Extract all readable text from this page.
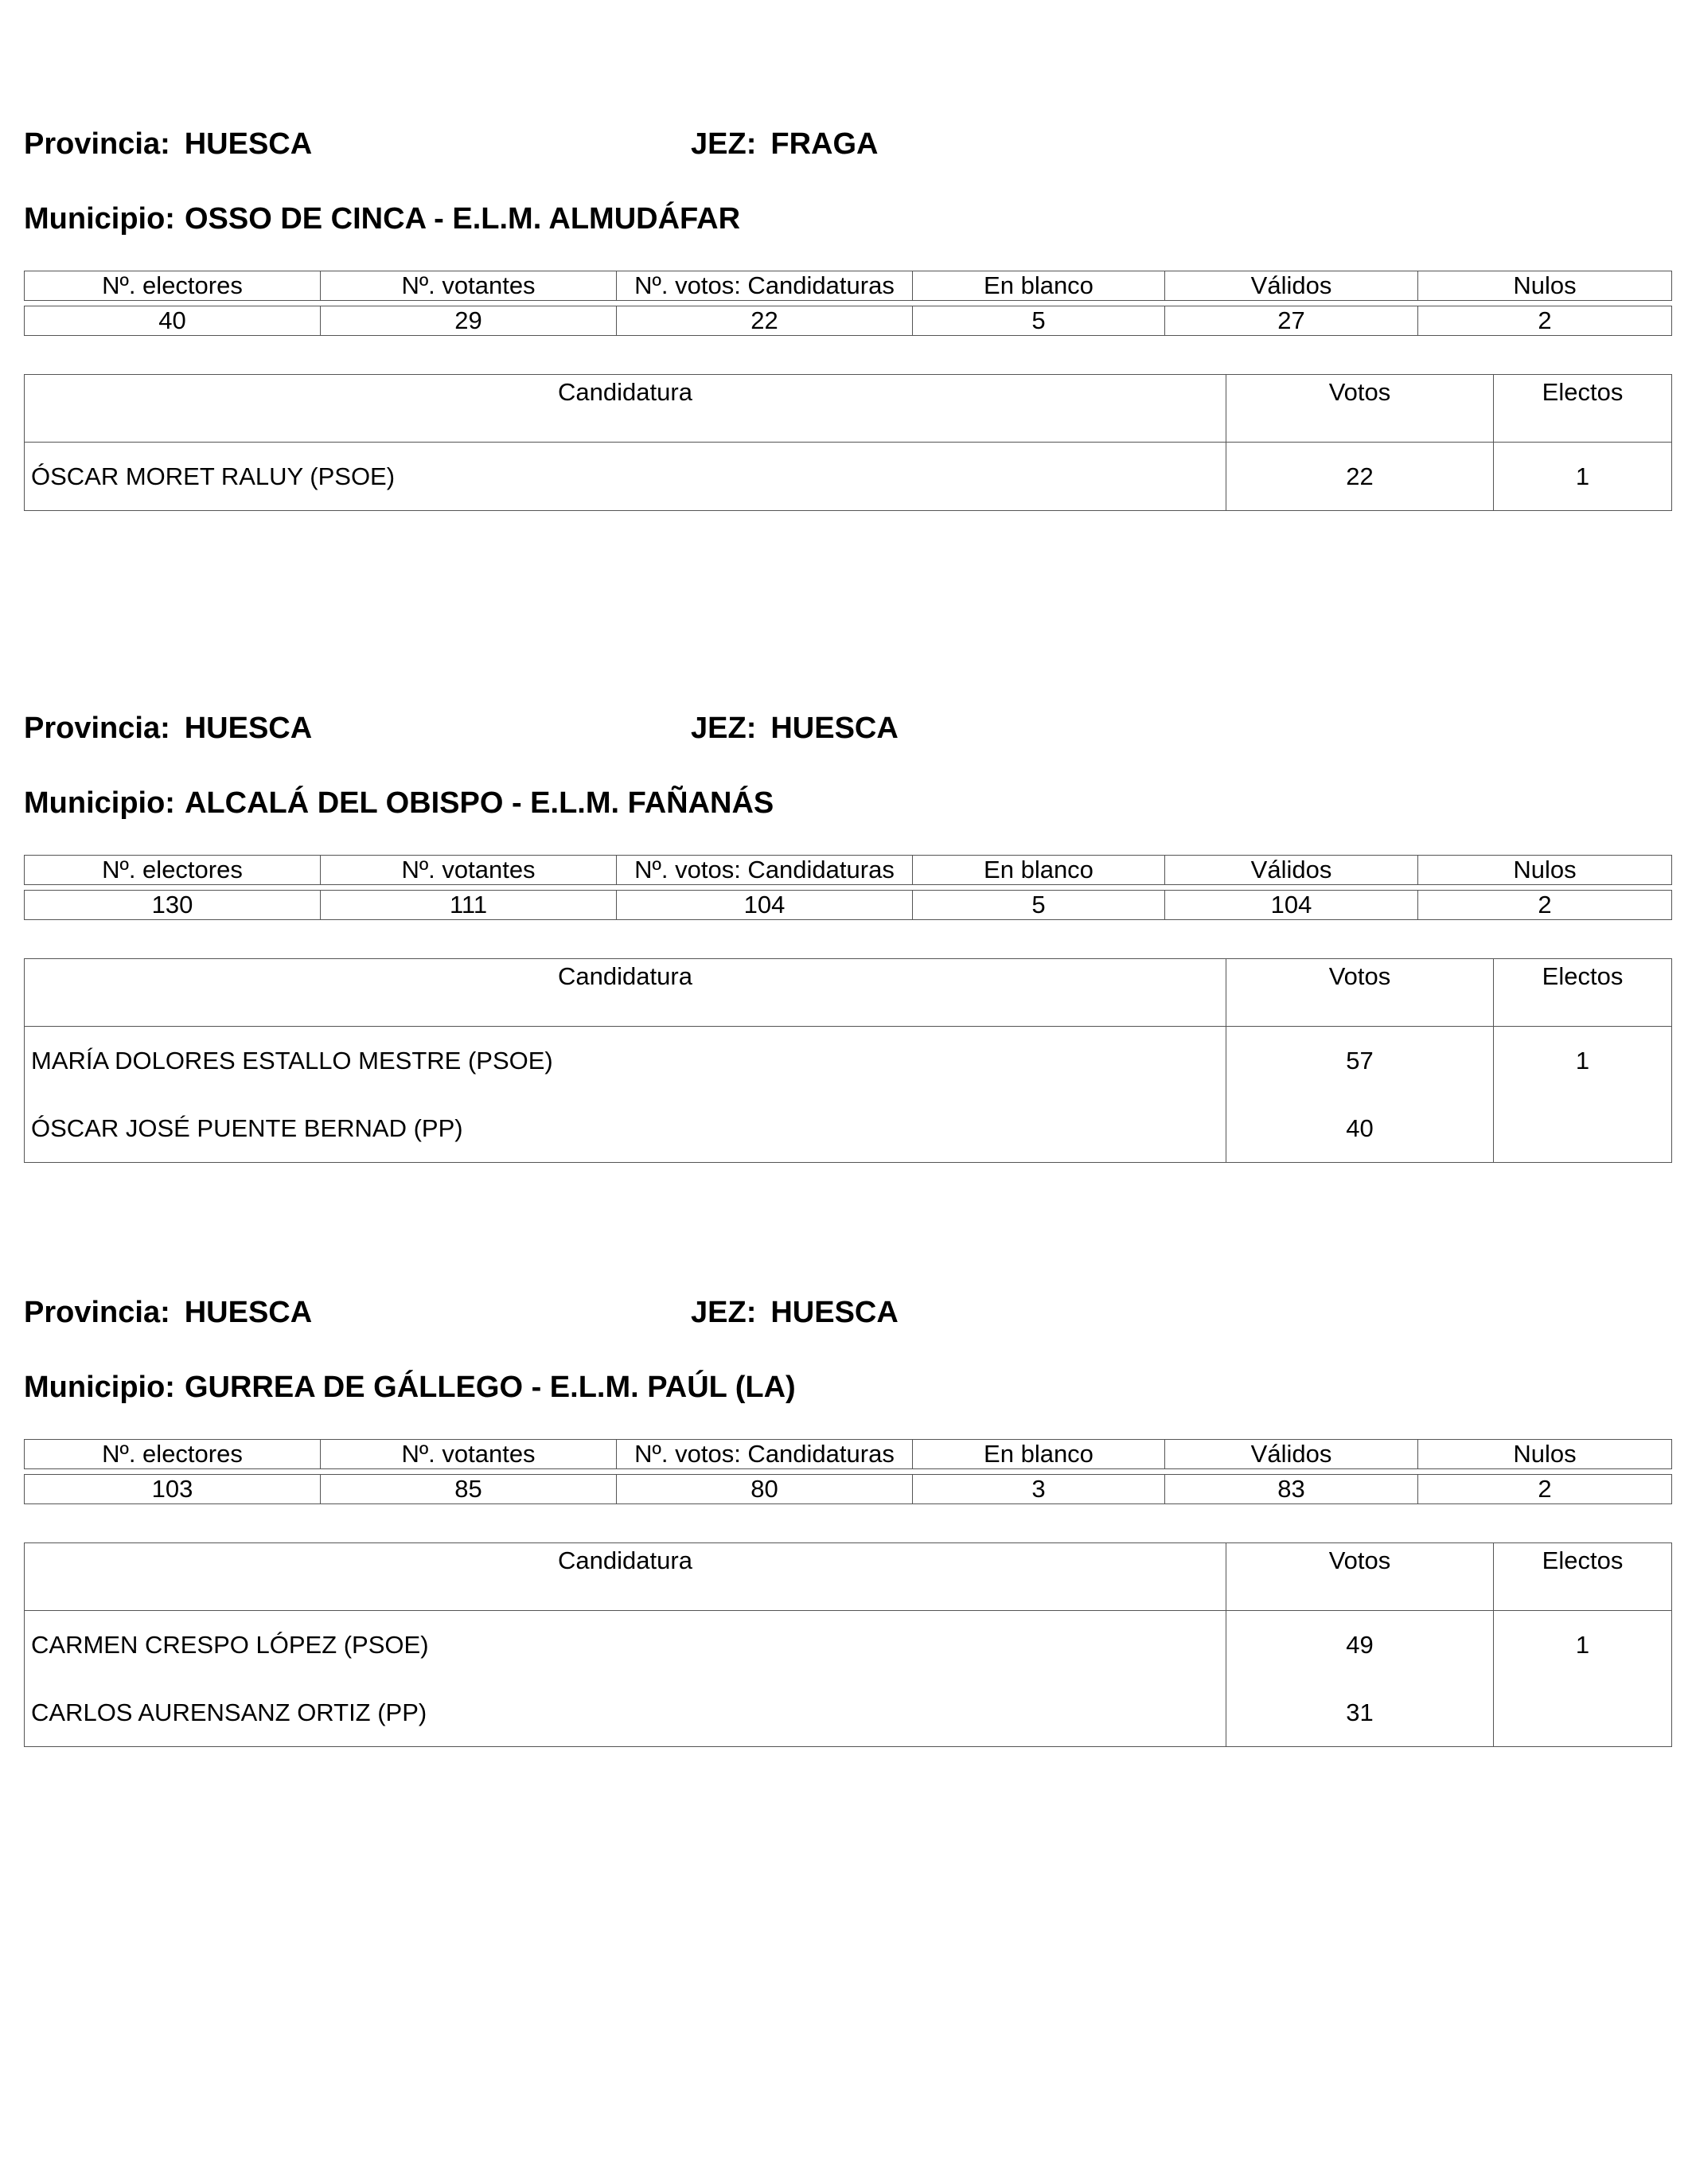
Provincia: HUESCA	JEZ: FRAGA
Municipio: OSSO DE CINCA - E.L.M. ALMUDÁFAR
Nº. electores	Nº. votantes	Nº. votos: Candidaturas	En blanco	Válidos	Nulos

40	29	22	5	27	2
Candidatura	Votos	Electos
ÓSCAR MORET RALUY (PSOE)	22	1
Provincia: HUESCA	JEZ: HUESCA
Municipio: ALCALÁ DEL OBISPO - E.L.M. FAÑANÁS
Nº. electores	Nº. votantes	Nº. votos: Candidaturas	En blanco	Válidos	Nulos

130	111	104	5	104	2
Candidatura	Votos	Electos
MARÍA DOLORES ESTALLO MESTRE (PSOE)	57	1
ÓSCAR JOSÉ PUENTE BERNAD (PP)	40	
Provincia: HUESCA	JEZ: HUESCA
Municipio: GURREA DE GÁLLEGO - E.L.M. PAÚL (LA)
Nº. electores	Nº. votantes	Nº. votos: Candidaturas	En blanco	Válidos	Nulos

103	85	80	3	83	2
Candidatura	Votos	Electos
CARMEN CRESPO LÓPEZ (PSOE)	49	1
CARLOS AURENSANZ ORTIZ (PP)	31	
